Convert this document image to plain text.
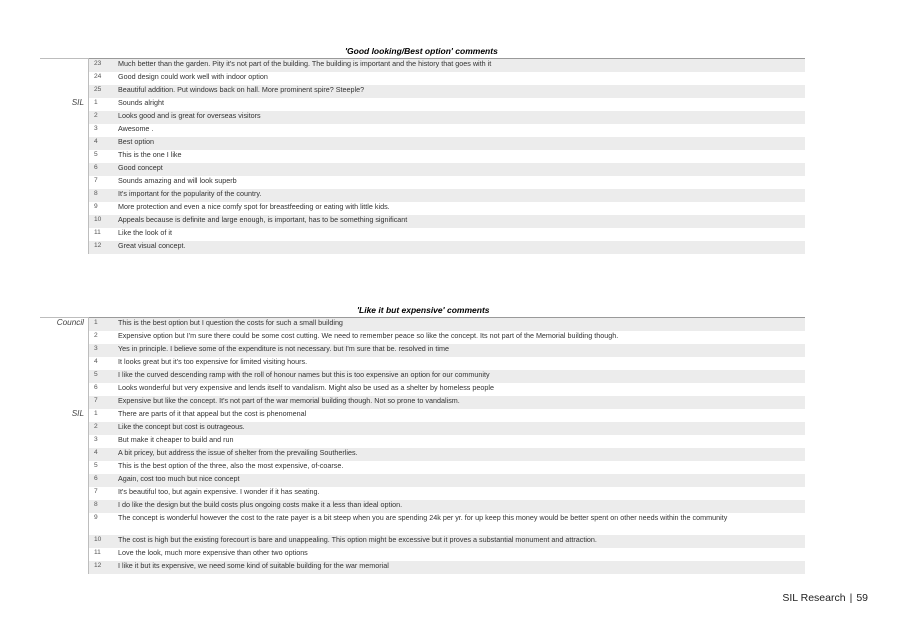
'Good looking/Best option' comments
	23	Much better than the garden. Pity it's not part of the building. The building is important and the history that goes with it
	24	Good design could work well with indoor option
	25	Beautiful addition. Put windows back on hall. More prominent spire? Steeple?
SIL	1	Sounds alright
	2	Looks good and is great for overseas visitors
	3	Awesome .
	4	Best option
	5	This is the one I like
	6	Good concept
	7	Sounds amazing and will look superb
	8	It's important for the popularity of the country.
	9	More protection and even a nice comfy spot for breastfeeding or eating with little kids.
	10	Appeals because is definite and large enough, is important, has to be something significant
	11	Like the look of it
	12	Great visual concept.
'Like it but expensive' comments
Council	1	This is the best option but I question the costs for such a small building
	2	Expensive option but I'm sure there could be some cost cutting. We need to remember peace so like the concept. Its not part of the Memorial building though.
	3	Yes in principle. I believe some of the expenditure is not necessary. but I'm sure that be. resolved in time
	4	It looks great but it's too expensive for limited visiting hours.
	5	I like the curved descending ramp with the roll of honour names but this is too expensive an option for our community
	6	Looks wonderful but very expensive and lends itself to vandalism. Might also be used as a shelter by homeless people
	7	Expensive but like the concept. It's not part of the war memorial building though. Not so prone to vandalism.
SIL	1	There are parts of it that appeal but the cost is phenomenal
	2	Like the concept but cost is outrageous.
	3	But make it cheaper to build and run
	4	A bit pricey, but address the issue of shelter from the prevailing Southerlies.
	5	This is the best option of the three, also the most expensive, of-coarse.
	6	Again, cost too much but nice concept
	7	It's beautiful too, but again expensive. I wonder if it has seating.
	8	I do like the design but the build costs plus ongoing costs make it a less than ideal option.
	9	The concept is wonderful however the cost to the rate payer is a bit steep when you are spending 24k per yr. for up keep this money would be better spent on other needs within the community
	10	The cost is high but the existing forecourt is bare and unappealing. This option might be excessive but it proves a substantial monument and attraction.
	11	Love the look, much more expensive than other two options
	12	I like it but its expensive, we need some kind of suitable building for the war memorial
SIL Research | 59
